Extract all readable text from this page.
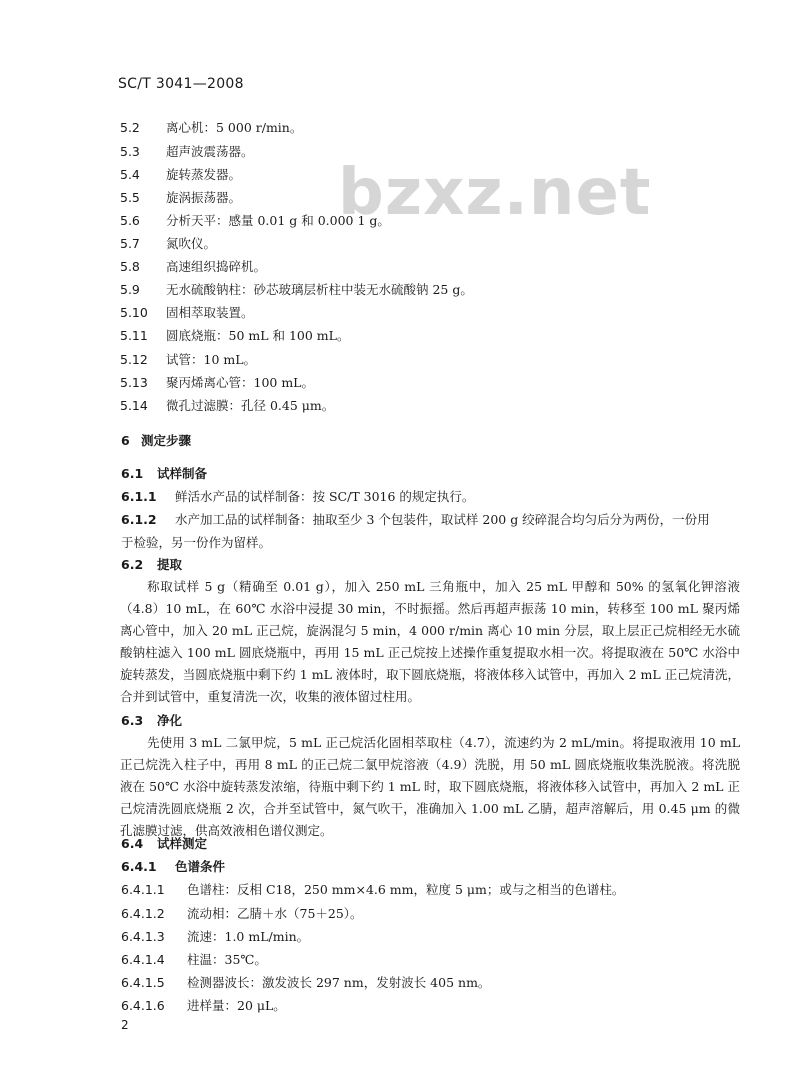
SC/T 3041—2008
bzxz.net
5.2 离心机：5 000 r/min。
5.3 超声波震荡器。
5.4 旋转蒸发器。
5.5 旋涡振荡器。
5.6 分析天平：感量 0.01 g 和 0.000 1 g。
5.7 氮吹仪。
5.8 高速组织捣碎机。
5.9 无水硫酸钠柱：砂芯玻璃层析柱中装无水硫酸钠 25 g。
5.10 固相萃取装置。
5.11 圆底烧瓶：50 mL 和 100 mL。
5.12 试管：10 mL。
5.13 聚丙烯离心管：100 mL。
5.14 微孔过滤膜：孔径 0.45 μm。
6 测定步骤
6.1 试样制备
6.1.1 鲜活水产品的试样制备：按 SC/T 3016 的规定执行。
6.1.2 水产加工品的试样制备：抽取至少 3 个包装件，取试样 200 g 绞碎混合均匀后分为两份，一份用
于检验，另一份作为留样。
6.2 提取
称取试样 5 g（精确至 0.01 g），加入 250 mL 三角瓶中，加入 25 mL 甲醇和 50% 的氢氧化钾溶液（4.8）10 mL，在 60℃ 水浴中浸提 30 min，不时振摇。然后再超声振荡 10 min，转移至 100 mL 聚丙烯离心管中，加入 20 mL 正己烷，旋涡混匀 5 min，4 000 r/min 离心 10 min 分层，取上层正己烷相经无水硫酸钠柱滤入 100 mL 圆底烧瓶中，再用 15 mL 正己烷按上述操作重复提取水相一次。将提取液在 50℃ 水浴中旋转蒸发，当圆底烧瓶中剩下约 1 mL 液体时，取下圆底烧瓶，将液体移入试管中，再加入 2 mL 正己烷清洗，合并到试管中，重复清洗一次，收集的液体留过柱用。
6.3 净化
先使用 3 mL 二氯甲烷，5 mL 正己烷活化固相萃取柱（4.7），流速约为 2 mL/min。将提取液用 10 mL 正己烷洗入柱子中，再用 8 mL 的正己烷二氯甲烷溶液（4.9）洗脱，用 50 mL 圆底烧瓶收集洗脱液。将洗脱液在 50℃ 水浴中旋转蒸发浓缩，待瓶中剩下约 1 mL 时，取下圆底烧瓶，将液体移入试管中，再加入 2 mL 正己烷清洗圆底烧瓶 2 次，合并至试管中，氮气吹干，准确加入 1.00 mL 乙腈，超声溶解后，用 0.45 μm 的微孔滤膜过滤，供高效液相色谱仪测定。
6.4 试样测定
6.4.1 色谱条件
6.4.1.1 色谱柱：反相 C18，250 mm×4.6 mm，粒度 5 μm；或与之相当的色谱柱。
6.4.1.2 流动相：乙腈＋水（75＋25）。
6.4.1.3 流速：1.0 mL/min。
6.4.1.4 柱温：35℃。
6.4.1.5 检测器波长：激发波长 297 nm，发射波长 405 nm。
6.4.1.6 进样量：20 μL。
2
